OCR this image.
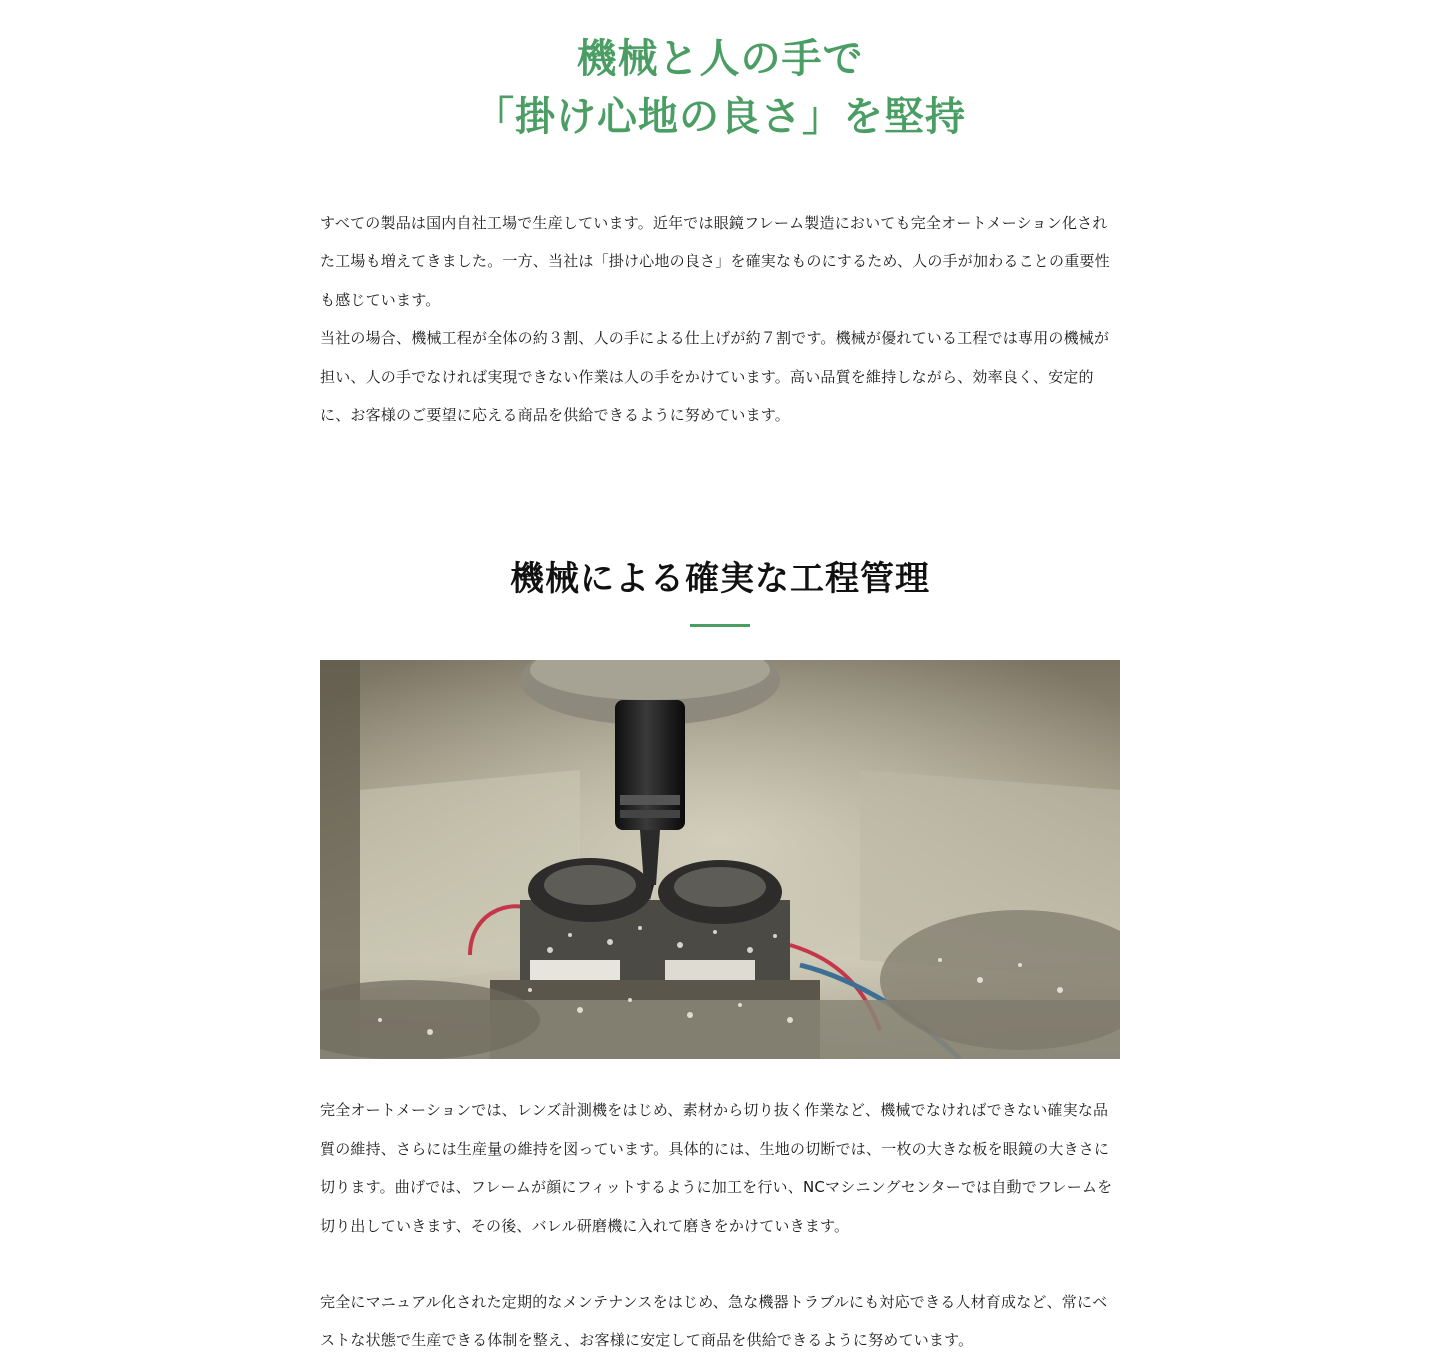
機械と人の手で
「掛け心地の良さ」を堅持

すべての製品は国内自社工場で生産しています。近年では眼鏡フレーム製造においても完全オートメーション化された工場も増えてきました。一方、当社は「掛け心地の良さ」を確実なものにするため、人の手が加わることの重要性も感じています。

当社の場合、機械工程が全体の約３割、人の手による仕上げが約７割です。機械が優れている工程では専用の機械が担い、人の手でなければ実現できない作業は人の手をかけています。高い品質を維持しながら、効率良く、安定的に、お客様のご要望に応える商品を供給できるように努めています。

機械による確実な工程管理

完全オートメーションでは、レンズ計測機をはじめ、素材から切り抜く作業など、機械でなければできない確実な品質の維持、さらには生産量の維持を図っています。具体的には、生地の切断では、一枚の大きな板を眼鏡の大きさに切ります。曲げでは、フレームが顔にフィットするように加工を行い、NCマシニングセンターでは自動でフレームを切り出していきます、その後、バレル研磨機に入れて磨きをかけていきます。

完全にマニュアル化された定期的なメンテナンスをはじめ、急な機器トラブルにも対応できる人材育成など、常にベストな状態で生産できる体制を整え、お客様に安定して商品を供給できるように努めています。
